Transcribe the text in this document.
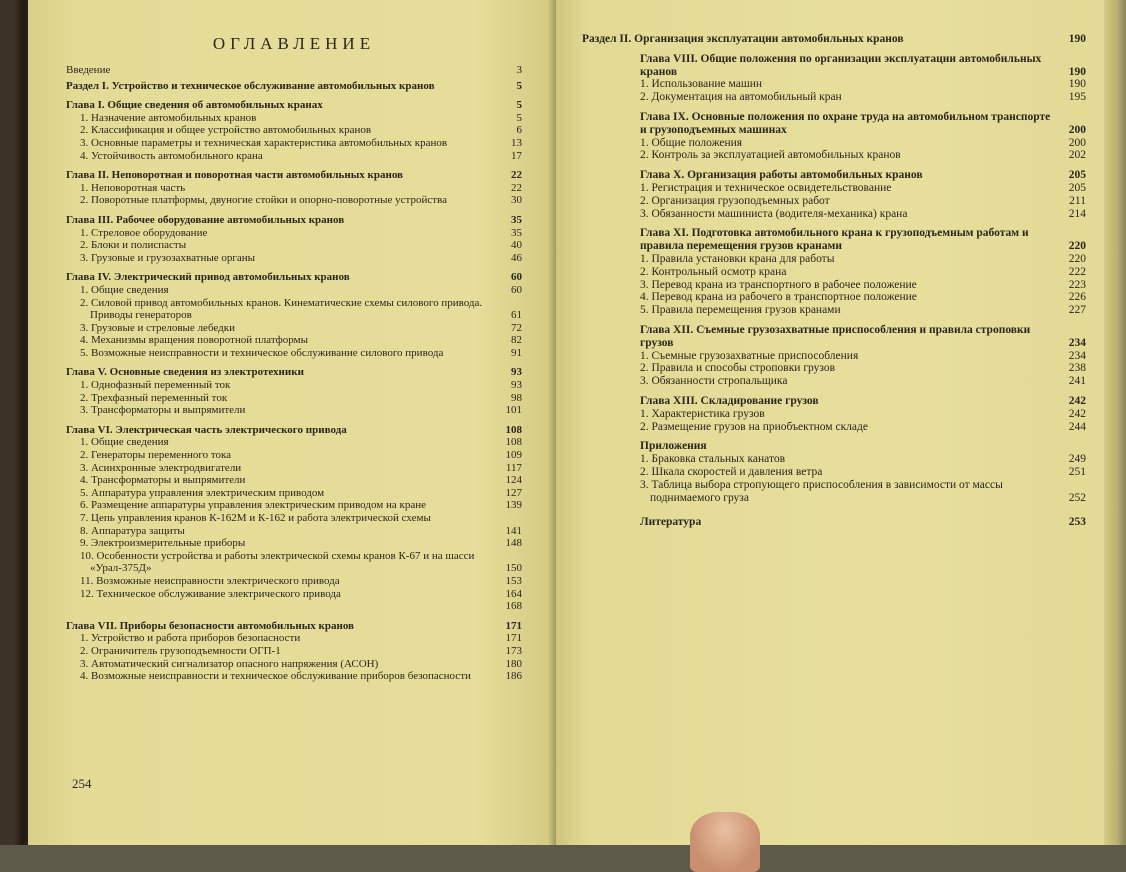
ОГЛАВЛЕНИЕ
Введение	3
Раздел I. Устройство и техническое обслуживание автомобильных кранов	5
Глава I. Общие сведения об автомобильных кранах	5
1. Назначение автомобильных кранов	5
2. Классификация и общее устройство автомобильных кранов	6
3. Основные параметры и техническая характеристика автомобильных кранов	13
4. Устойчивость автомобильного крана	17
Глава II. Неповоротная и поворотная части автомобильных кранов	22
1. Неповоротная часть	22
2. Поворотные платформы, двуногие стойки и опорно-поворотные устройства	30
Глава III. Рабочее оборудование автомобильных кранов	35
1. Стреловое оборудование	35
2. Блоки и полиспасты	40
3. Грузовые и грузозахватные органы	46
Глава IV. Электрический привод автомобильных кранов	60
1. Общие сведения	60
2. Силовой привод автомобильных кранов. Кинематические схемы силового привода. Приводы генераторов	61
3. Грузовые и стреловые лебедки	72
4. Механизмы вращения поворотной платформы	82
5. Возможные неисправности и техническое обслуживание силового привода	91
Глава V. Основные сведения из электротехники	93
1. Однофазный переменный ток	93
2. Трехфазный переменный ток	98
3. Трансформаторы и выпрямители	101
Глава VI. Электрическая часть электрического привода	108
1. Общие сведения	108
2. Генераторы переменного тока	109
3. Асинхронные электродвигатели	117
4. Трансформаторы и выпрямители	124
5. Аппаратура управления электрическим приводом	127
6. Размещение аппаратуры управления электрическим приводом на кране	139
7. Цепь управления кранов К-162М и К-162 и работа электрической схемы
8. Аппаратура защиты	141
9. Электроизмерительные приборы	148
10. Особенности устройства и работы электрической схемы кранов К-67 и на шасси «Урал-375Д»	150
11. Возможные неисправности электрического привода	153
12. Техническое обслуживание электрического привода	164
168
Глава VII. Приборы безопасности автомобильных кранов	171
1. Устройство и работа приборов безопасности	171
2. Ограничитель грузоподъемности ОГП-1	173
3. Автоматический сигнализатор опасного напряжения (АСОН)	180
4. Возможные неисправности и техническое обслуживание приборов безопасности	186
254
Раздел II. Организация эксплуатации автомобильных кранов	190
Глава VIII. Общие положения по организации эксплуатации автомобильных кранов	190
1. Использование машин	190
2. Документация на автомобильный кран	195
Глава IX. Основные положения по охране труда на автомобильном транспорте и грузоподъемных машинах	200
1. Общие положения	200
2. Контроль за эксплуатацией автомобильных кранов	202
Глава X. Организация работы автомобильных кранов	205
1. Регистрация и техническое освидетельствование	205
2. Организация грузоподъемных работ	211
3. Обязанности машиниста (водителя-механика) крана	214
Глава XI. Подготовка автомобильного крана к грузоподъемным работам и правила перемещения грузов кранами	220
1. Правила установки крана для работы	220
2. Контрольный осмотр крана	222
3. Перевод крана из транспортного в рабочее положение	223
4. Перевод крана из рабочего в транспортное положение	226
5. Правила перемещения грузов кранами	227
Глава XII. Съемные грузозахватные приспособления и правила строповки грузов	234
1. Съемные грузозахватные приспособления	234
2. Правила и способы строповки грузов	238
3. Обязанности стропальщика	241
Глава XIII. Складирование грузов	242
1. Характеристика грузов	242
2. Размещение грузов на приобъектном складе	244
Приложения
1. Браковка стальных канатов	249
2. Шкала скоростей и давления ветра	251
3. Таблица выбора стропующего приспособления в зависимости от массы поднимаемого груза	252
Литература	253
